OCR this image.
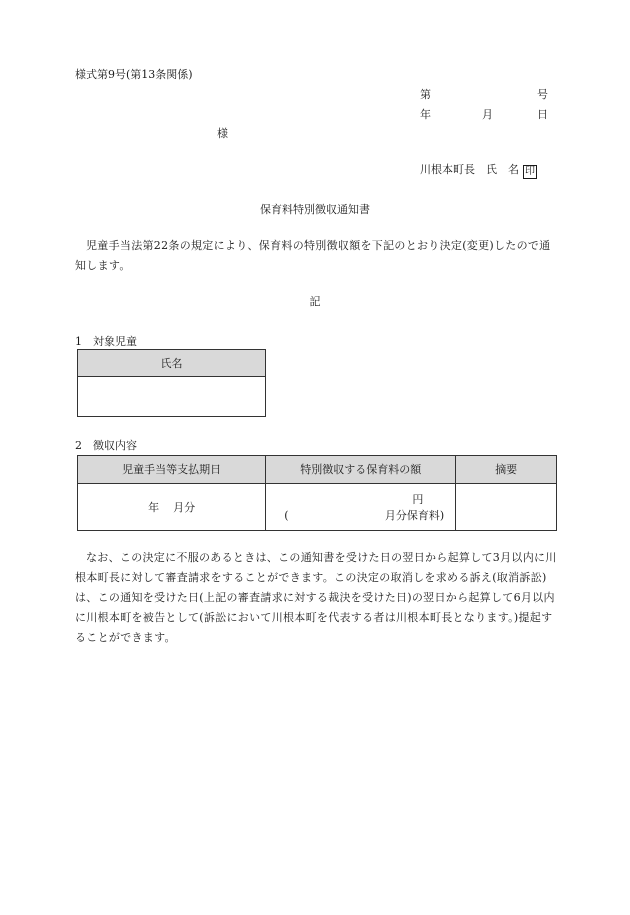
様式第9号(第13条関係)
第	号
年	月	日
様
川根本町長　氏　名 印
保育料特別徴収通知書
児童手当法第22条の規定により、保育料の特別徴収額を下記のとおり決定(変更)したので通知します。
記
1　対象児童
氏名

2　徴収内容
児童手当等支払期日	特別徴収する保育料の額	摘要
年 月分	円
( 月分保育料)	

なお、この決定に不服のあるときは、この通知書を受けた日の翌日から起算して3月以内に川根本町長に対して審査請求をすることができます。この決定の取消しを求める訴え(取消訴訟)は、この通知を受けた日(上記の審査請求に対する裁決を受けた日)の翌日から起算して6月以内に川根本町を被告として(訴訟において川根本町を代表する者は川根本町長となります。)提起することができます。
